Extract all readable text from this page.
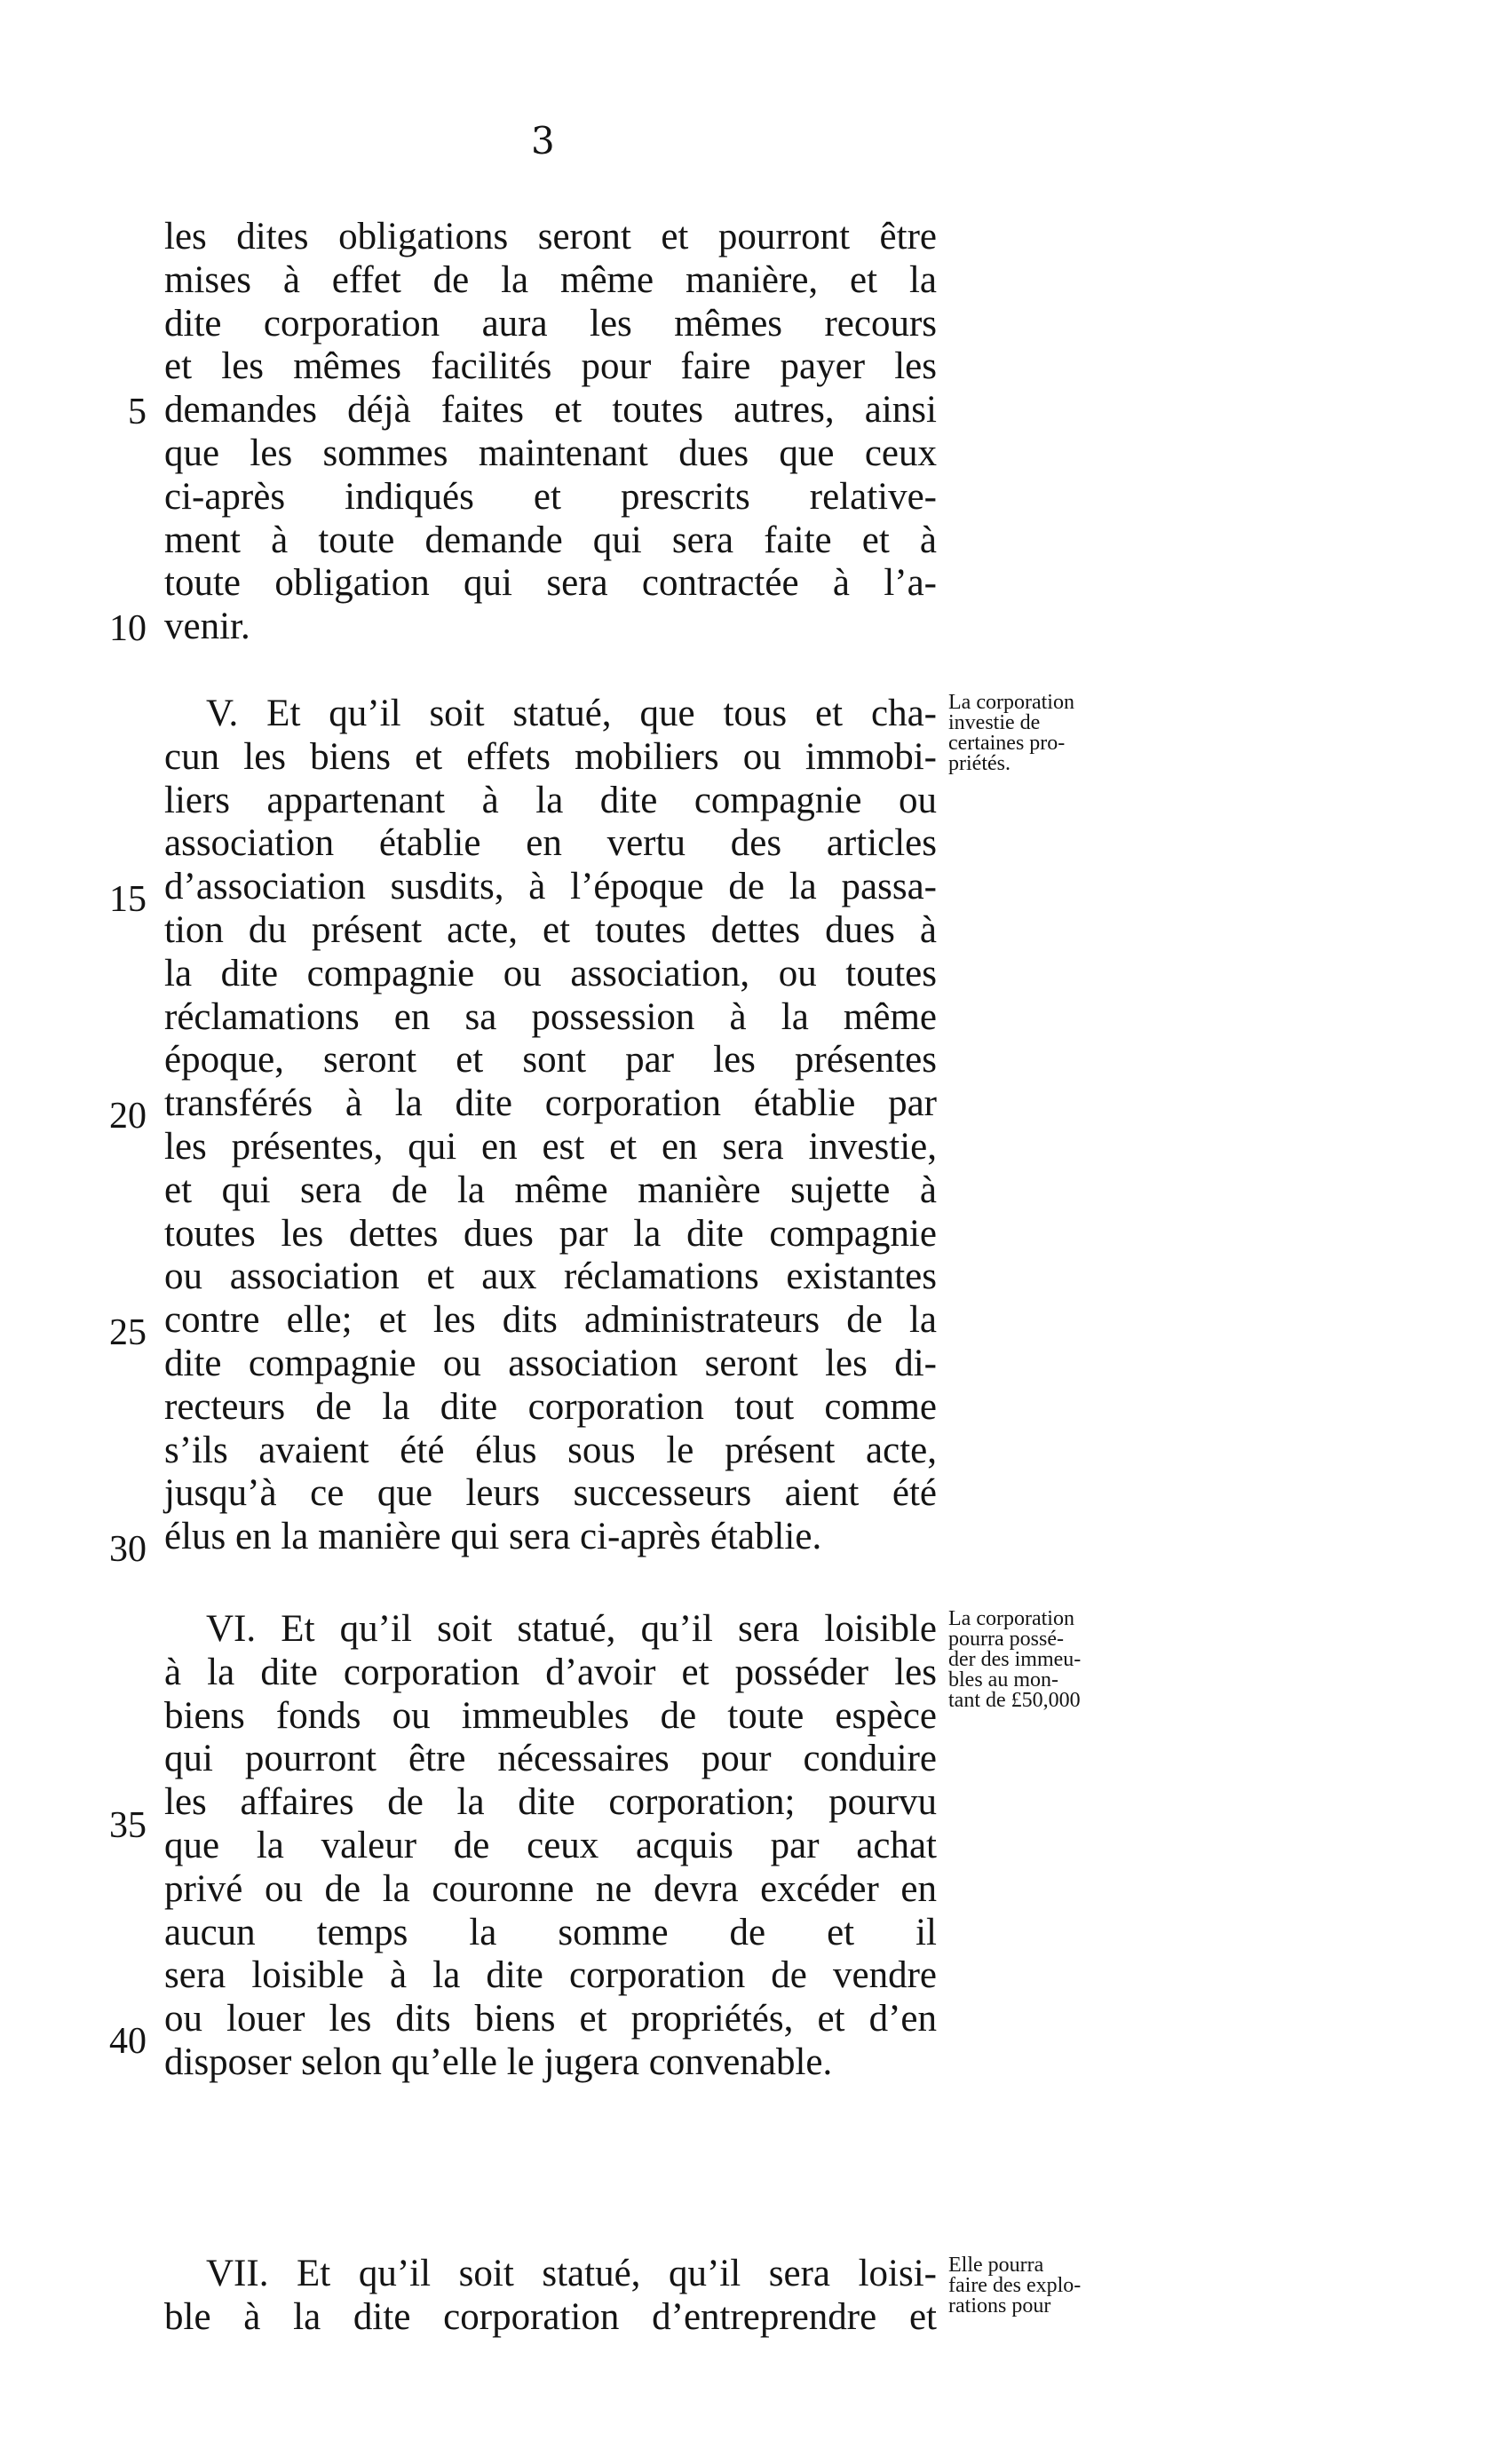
3
les dites obligations seront et pourront être
mises à effet de la même manière, et la
dite corporation aura les mêmes recours
et les mêmes facilités pour faire payer les
demandes déjà faites et toutes autres, ainsi
que les sommes maintenant dues que ceux
ci-après indiqués et prescrits relative-
ment à toute demande qui sera faite et à
toute obligation qui sera contractée à l’a-
venir.
V. Et qu’il soit statué, que tous et cha-
cun les biens et effets mobiliers ou immobi-
liers appartenant à la dite compagnie ou
association établie en vertu des articles
d’association susdits, à l’époque de la passa-
tion du présent acte, et toutes dettes dues à
la dite compagnie ou association, ou toutes
réclamations en sa possession à la même
époque, seront et sont par les présentes
transférés à la dite corporation établie par
les présentes, qui en est et en sera investie,
et qui sera de la même manière sujette à
toutes les dettes dues par la dite compagnie
ou association et aux réclamations existantes
contre elle; et les dits administrateurs de la
dite compagnie ou association seront les di-
recteurs de la dite corporation tout comme
s’ils avaient été élus sous le présent acte,
jusqu’à ce que leurs successeurs aient été
élus en la manière qui sera ci-après établie.
VI. Et qu’il soit statué, qu’il sera loisible
à la dite corporation d’avoir et posséder les
biens fonds ou immeubles de toute espèce
qui pourront être nécessaires pour conduire
les affaires de la dite corporation; pourvu
que la valeur de ceux acquis par achat
privé ou de la couronne ne devra excéder en
aucun temps la somme de et il
sera loisible à la dite corporation de vendre
ou louer les dits biens et propriétés, et d’en
disposer selon qu’elle le jugera convenable.
VII. Et qu’il soit statué, qu’il sera loisi-
ble à la dite corporation d’entreprendre et
La corporation
investie de
certaines pro-
priétés.
La corporation
pourra possé-
der des immeu-
bles au mon-
tant de £50,000
Elle pourra
faire des explo-
rations pour
5
10
15
20
25
30
35
40
